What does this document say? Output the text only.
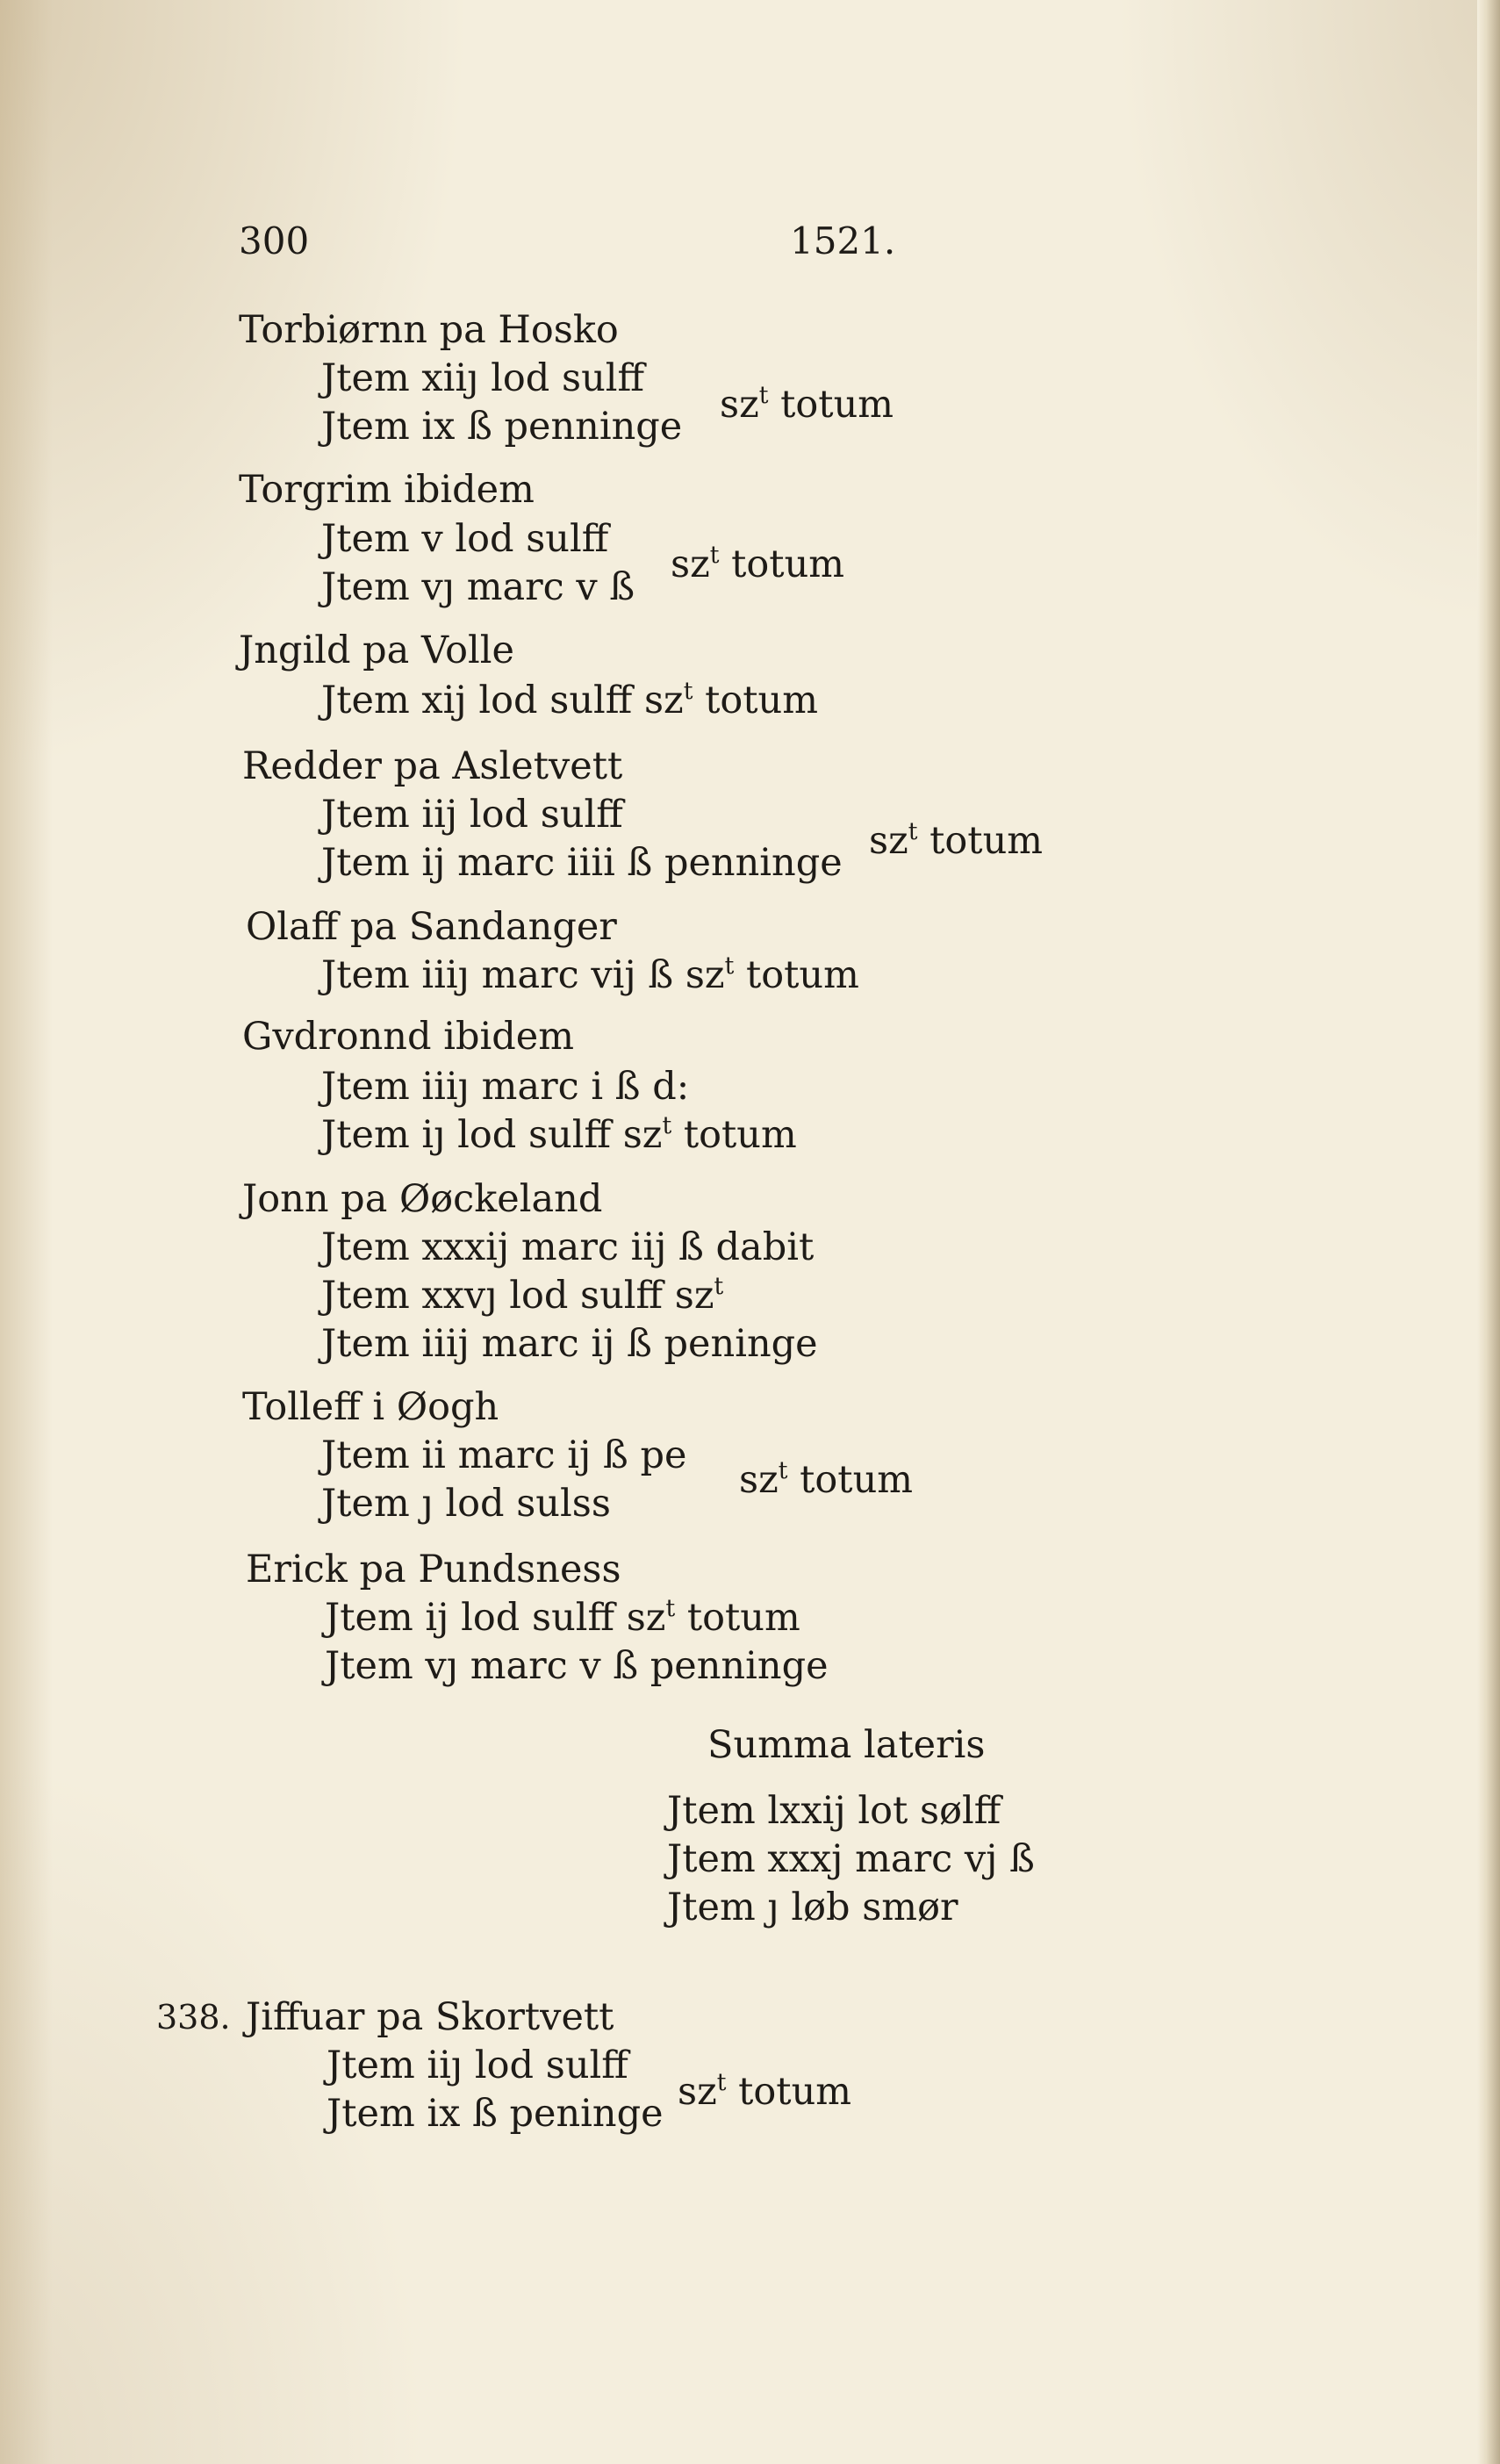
300	1521.
Torbiørnn pa Hosko
Jtem xiiȷ lod sulff
Jtem ix ß penninge $sz^t$ totum
Torgrim ibidem
Jtem v lod sulff
Jtem vȷ marc v ß
$sz^t$ totum
Jngild pa Volle
Jtem xij lod sulff $sz^t$ totum
Redder pa Asletvett
Jtem iij lod sulff
Jtem ij marc iiii ß penninge $sz^t$ totum
Olaff pa Sandanger
Jtem iiiȷ marc vij ß $sz^t$ totum
Gvdronnd ibidem
Jtem iiiȷ marc i ß d:
Jtem iȷ lod sulff $sz^t$ totum
Jonn pa Øøckeland
Jtem xxxij marc iij ß dabit
Jtem xxvȷ lod sulff $sz^t$
Jtem iiij marc ij ß peninge
Tolleff i Øogh
Jtem ii marc ij ß pe
Jtem ȷ lod sulss
$sz^t$ totum
Erick pa Pundsness
Jtem ij lod sulff $sz^t$ totum
Jtem vȷ marc v ß penninge
Summa lateris
Jtem lxxij lot sølff
Jtem xxxj marc vj ß
Jtem ȷ løb smør
338. Jiffuar pa Skortvett
Jtem iiȷ lod sulff
Jtem ix ß peninge $sz^t$ totum
